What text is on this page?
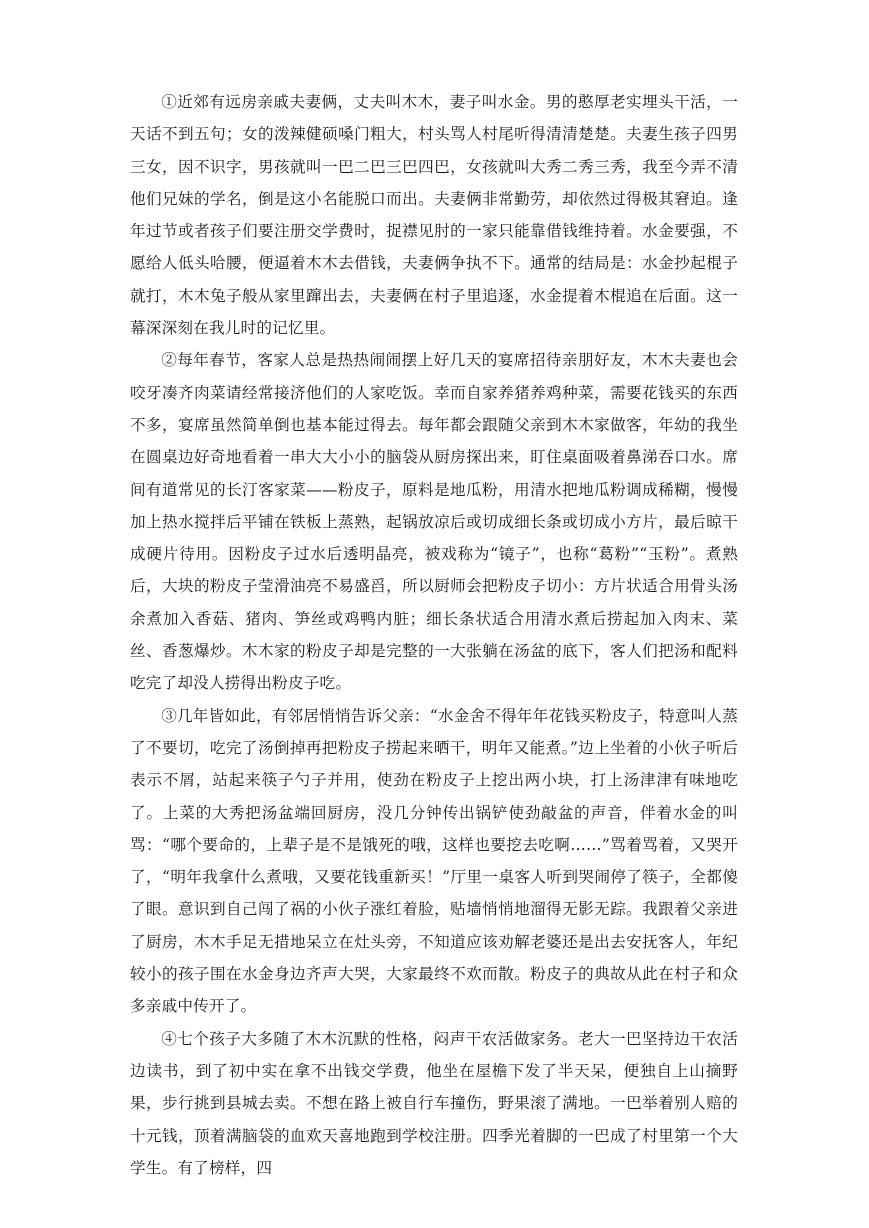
①近郊有远房亲戚夫妻俩，丈夫叫木木，妻子叫水金。男的憨厚老实埋头干活，一天话不到五句；女的泼辣健硕嗓门粗大，村头骂人村尾听得清清楚楚。夫妻生孩子四男三女，因不识字，男孩就叫一巴二巴三巴四巴，女孩就叫大秀二秀三秀，我至今弄不清他们兄妹的学名，倒是这小名能脱口而出。夫妻俩非常勤劳，却依然过得极其窘迫。逢年过节或者孩子们要注册交学费时，捉襟见肘的一家只能靠借钱维持着。水金要强，不愿给人低头哈腰，便逼着木木去借钱，夫妻俩争执不下。通常的结局是：水金抄起棍子就打，木木兔子般从家里蹿出去，夫妻俩在村子里追逐，水金提着木棍追在后面。这一幕深深刻在我儿时的记忆里。

②每年春节，客家人总是热热闹闹摆上好几天的宴席招待亲朋好友，木木夫妻也会咬牙凑齐肉菜请经常接济他们的人家吃饭。幸而自家养猪养鸡种菜，需要花钱买的东西不多，宴席虽然简单倒也基本能过得去。每年都会跟随父亲到木木家做客，年幼的我坐在圆桌边好奇地看着一串大大小小的脑袋从厨房探出来，盯住桌面吸着鼻涕吞口水。席间有道常见的长汀客家菜——粉皮子，原料是地瓜粉，用清水把地瓜粉调成稀糊，慢慢加上热水搅拌后平铺在铁板上蒸熟，起锅放凉后或切成细长条或切成小方片，最后晾干成硬片待用。因粉皮子过水后透明晶亮，被戏称为“镜子”，也称“葛粉”“玉粉”。煮熟后，大块的粉皮子莹滑油亮不易盛舀，所以厨师会把粉皮子切小：方片状适合用骨头汤余煮加入香菇、猪肉、笋丝或鸡鸭内脏；细长条状适合用清水煮后捞起加入肉末、菜丝、香葱爆炒。木木家的粉皮子却是完整的一大张躺在汤盆的底下，客人们把汤和配料吃完了却没人捞得出粉皮子吃。

③几年皆如此，有邻居悄悄告诉父亲：“水金舍不得年年花钱买粉皮子，特意叫人蒸了不要切，吃完了汤倒掉再把粉皮子捞起来晒干，明年又能煮。”边上坐着的小伙子听后表示不屑，站起来筷子勺子并用，使劲在粉皮子上挖出两小块，打上汤津津有味地吃了。上菜的大秀把汤盆端回厨房，没几分钟传出锅铲使劲敲盆的声音，伴着水金的叫骂：“哪个要命的，上辈子是不是饿死的哦，这样也要挖去吃啊……”骂着骂着，又哭开了，“明年我拿什么煮哦，又要花钱重新买！”厅里一桌客人听到哭闹停了筷子，全都傻了眼。意识到自己闯了祸的小伙子涨红着脸，贴墙悄悄地溜得无影无踪。我跟着父亲进了厨房，木木手足无措地呆立在灶头旁，不知道应该劝解老婆还是出去安抚客人，年纪较小的孩子围在水金身边齐声大哭，大家最终不欢而散。粉皮子的典故从此在村子和众多亲戚中传开了。

④七个孩子大多随了木木沉默的性格，闷声干农活做家务。老大一巴坚持边干农活边读书，到了初中实在拿不出钱交学费，他坐在屋檐下发了半天呆，便独自上山摘野果，步行挑到县城去卖。不想在路上被自行车撞伤，野果滚了满地。一巴举着别人赔的十元钱，顶着满脑袋的血欢天喜地跑到学校注册。四季光着脚的一巴成了村里第一个大学生。有了榜样，四
